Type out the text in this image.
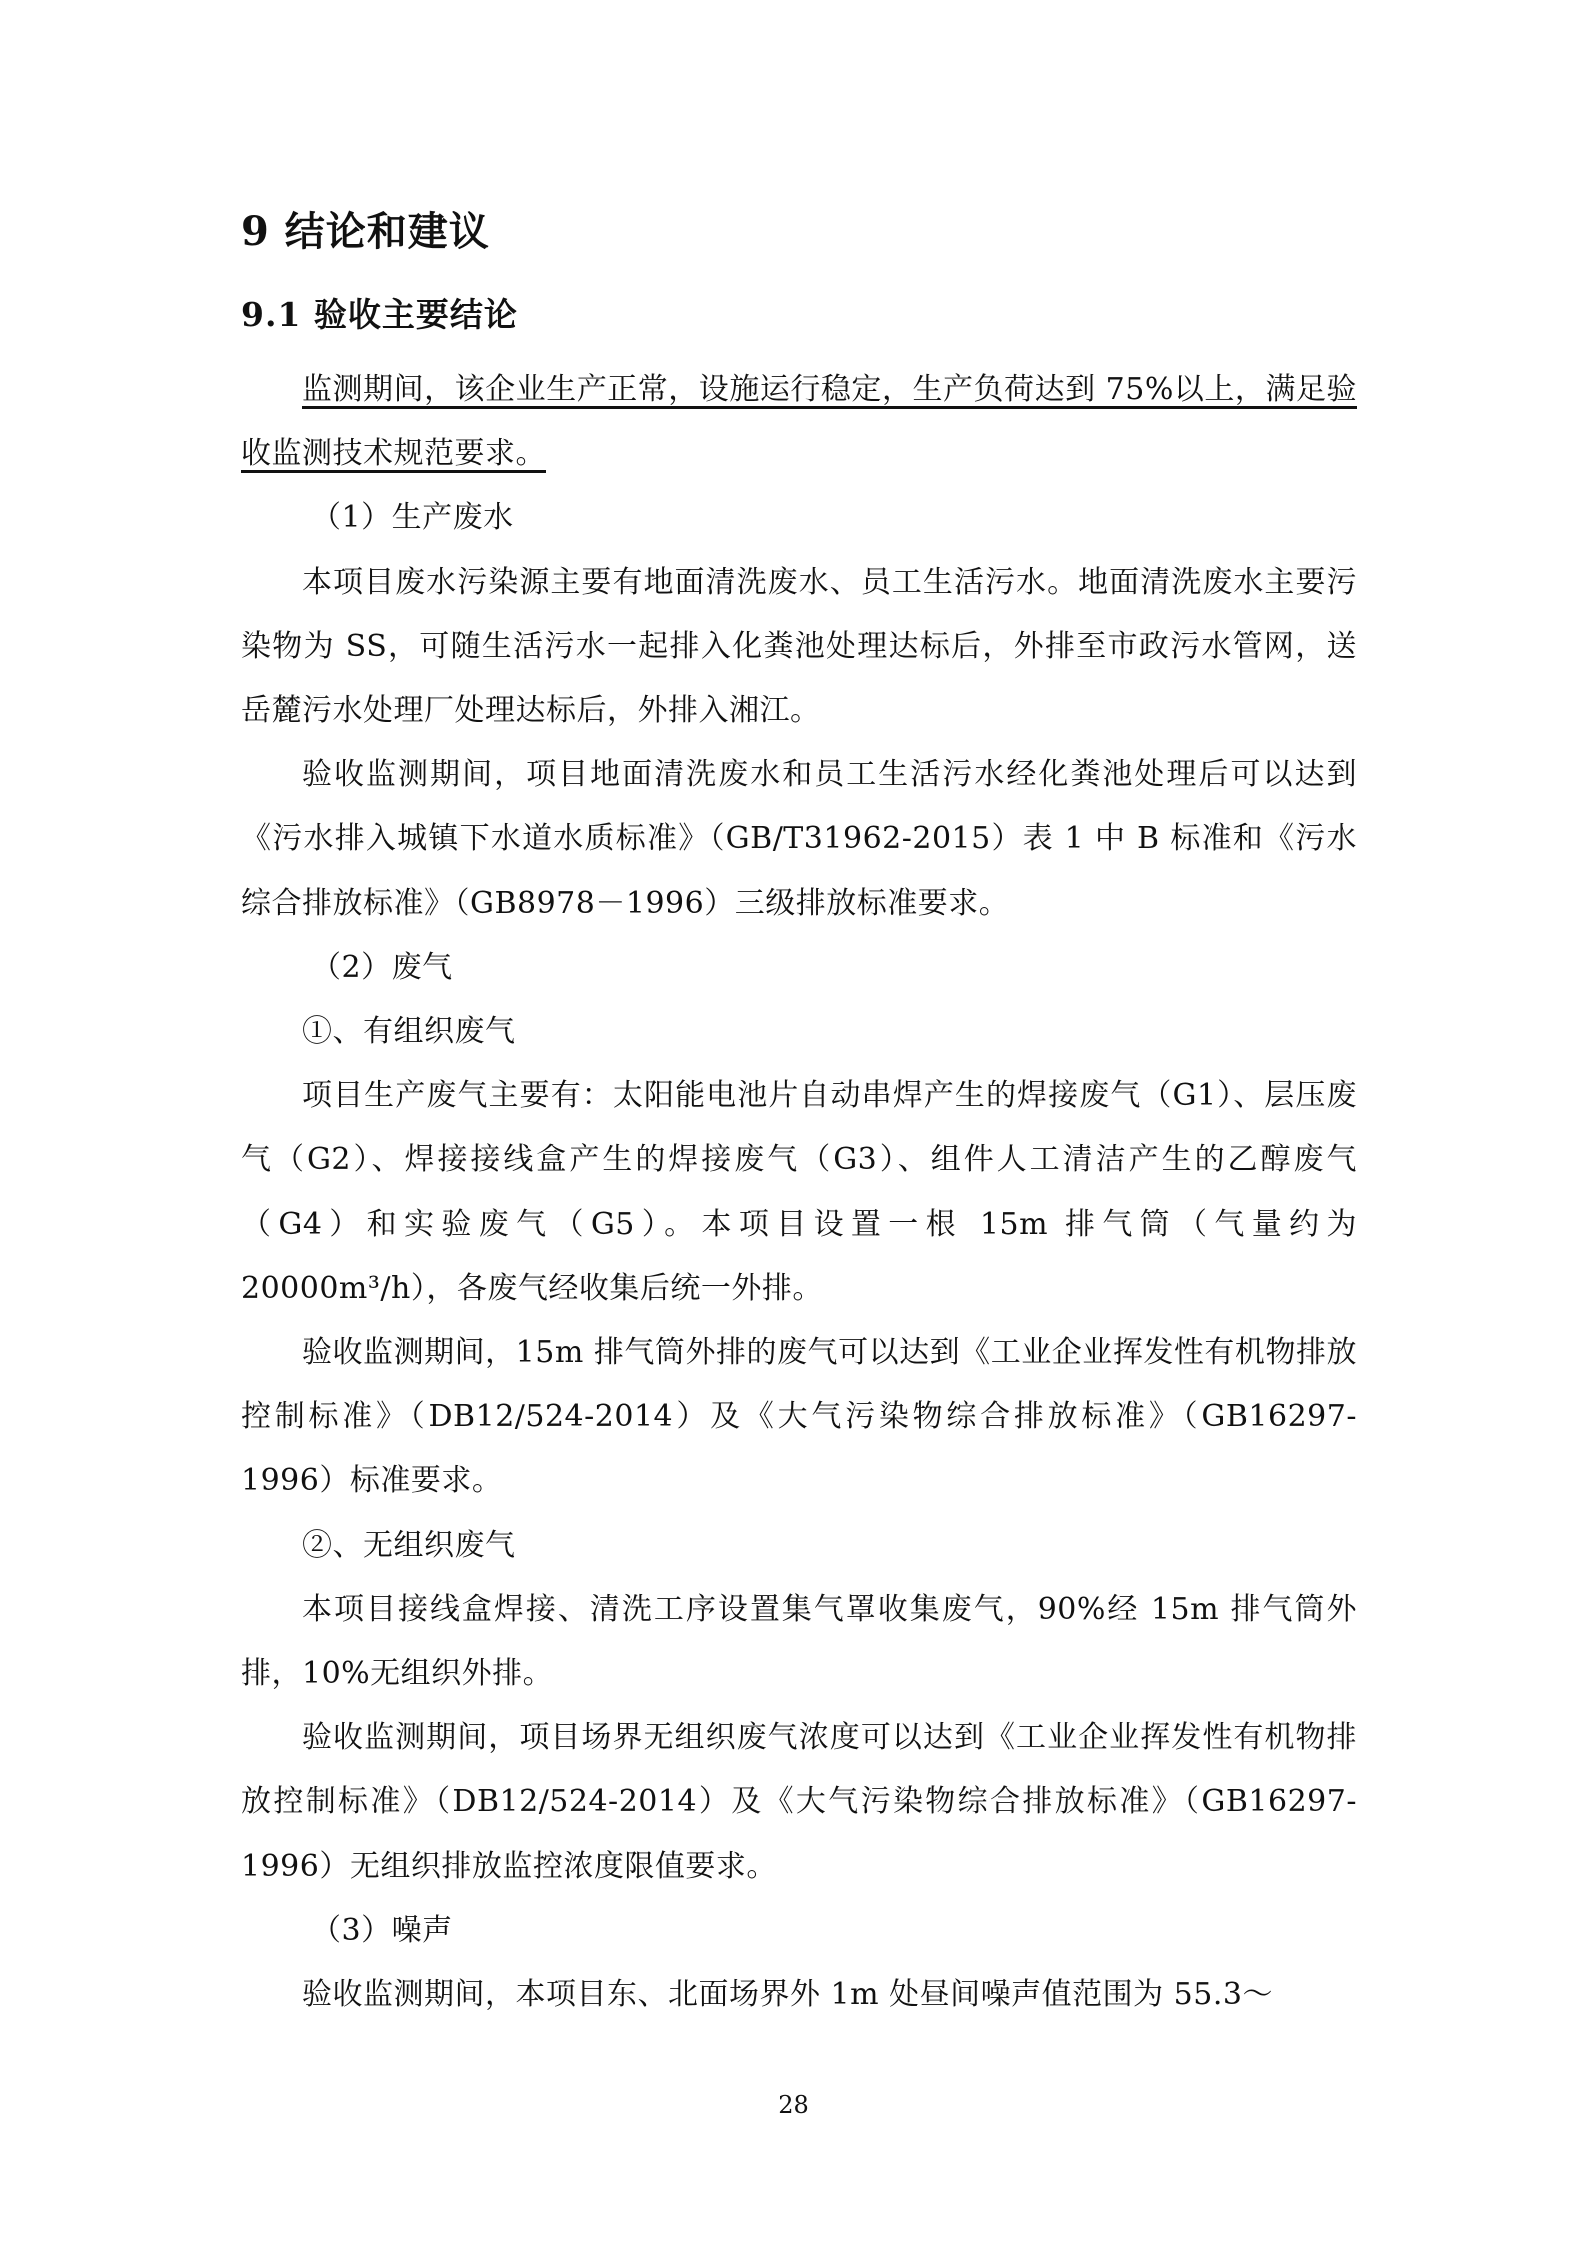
9 结论和建议
9.1 验收主要结论

监测期间，该企业生产正常，设施运行稳定，生产负荷达到 75%以上，满足验收监测技术规范要求。

（1）生产废水

本项目废水污染源主要有地面清洗废水、员工生活污水。地面清洗废水主要污染物为 SS，可随生活污水一起排入化粪池处理达标后，外排至市政污水管网，送岳麓污水处理厂处理达标后，外排入湘江。

验收监测期间，项目地面清洗废水和员工生活污水经化粪池处理后可以达到《污水排入城镇下水道水质标准》（GB/T31962-2015）表 1 中 B 标准和《污水综合排放标准》（GB8978－1996）三级排放标准要求。

（2）废气

①、有组织废气

项目生产废气主要有：太阳能电池片自动串焊产生的焊接废气（G1）、层压废气（G2）、焊接接线盒产生的焊接废气（G3）、组件人工清洁产生的乙醇废气（G4）和实验废气（G5）。本项目设置一根 15m 排气筒（气量约为 20000m³/h），各废气经收集后统一外排。

验收监测期间，15m 排气筒外排的废气可以达到《工业企业挥发性有机物排放控制标准》（DB12/524-2014）及《大气污染物综合排放标准》（GB16297-1996）标准要求。

②、无组织废气

本项目接线盒焊接、清洗工序设置集气罩收集废气，90%经 15m 排气筒外排，10%无组织外排。

验收监测期间，项目场界无组织废气浓度可以达到《工业企业挥发性有机物排放控制标准》（DB12/524-2014）及《大气污染物综合排放标准》（GB16297-1996）无组织排放监控浓度限值要求。

（3）噪声

验收监测期间，本项目东、北面场界外 1m 处昼间噪声值范围为 55.3～

28
